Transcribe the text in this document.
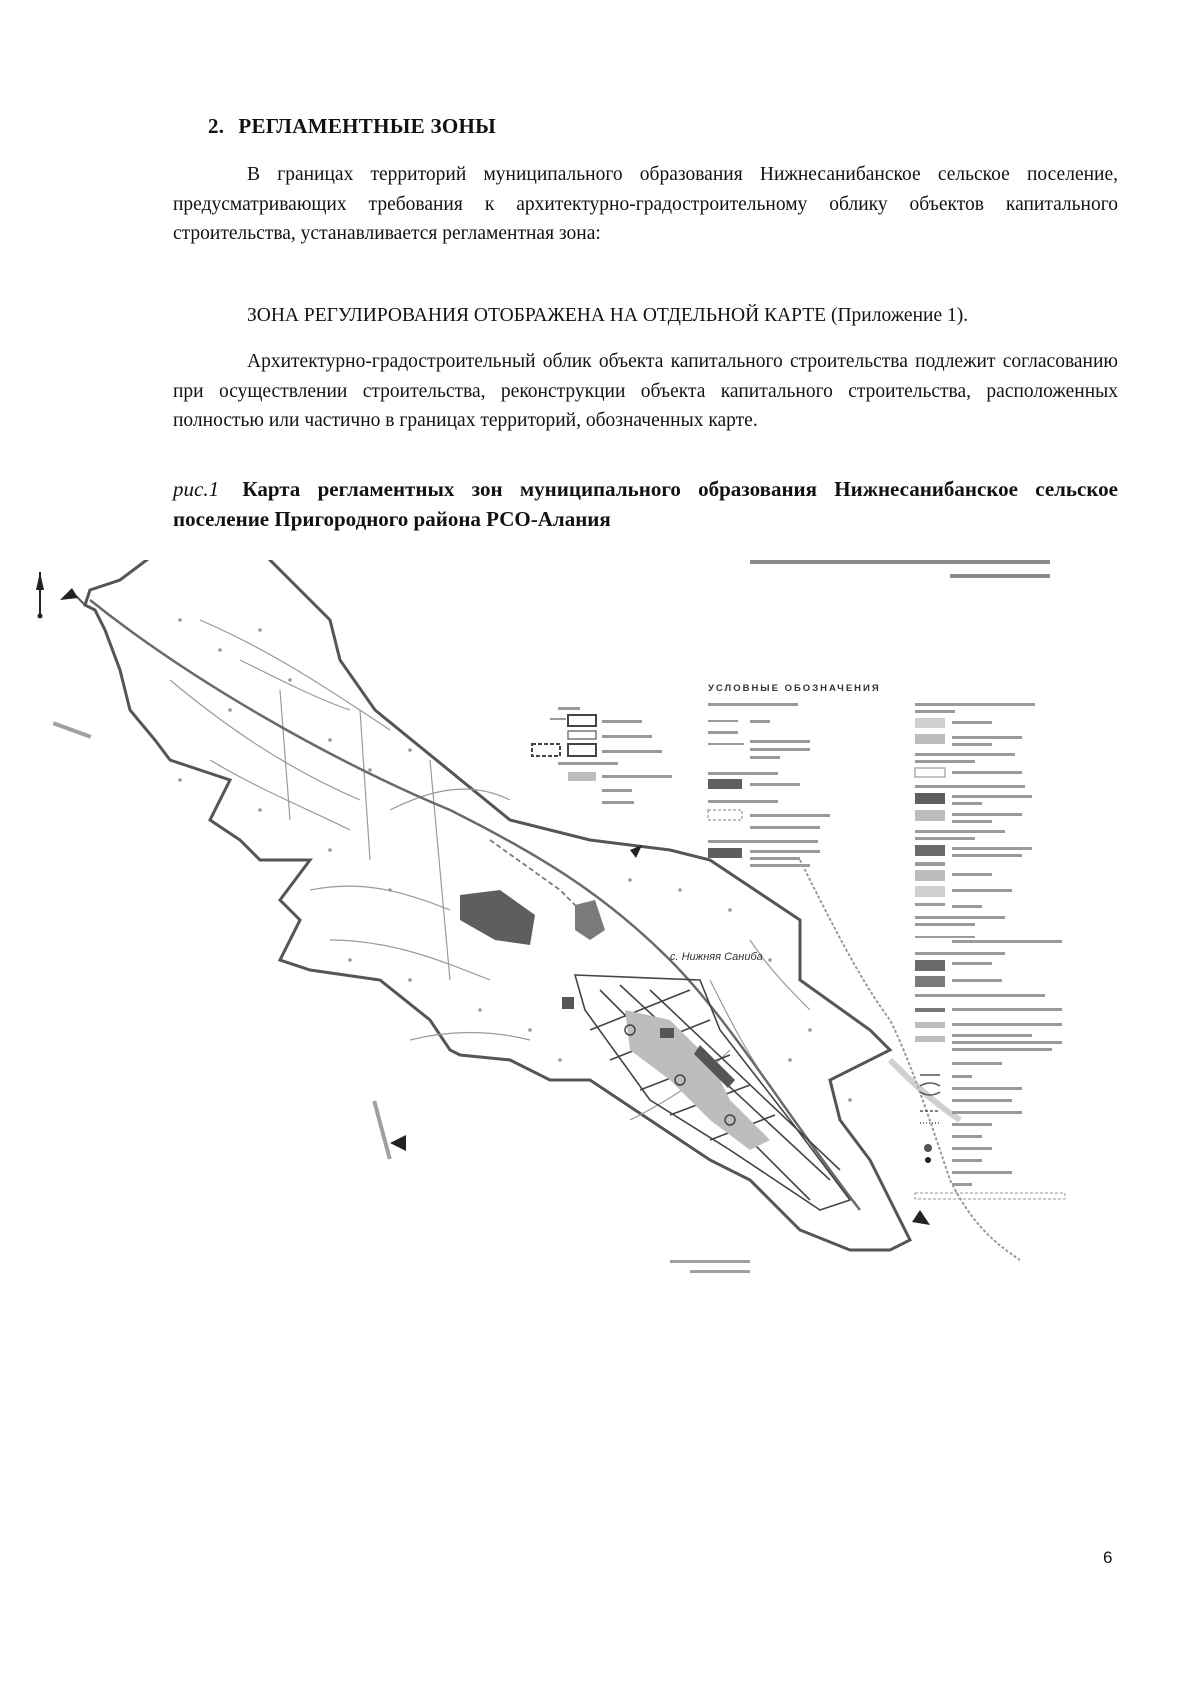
2. РЕГЛАМЕНТНЫЕ ЗОНЫ
В границах территорий муниципального образования Нижнесанибанское сельское поселение, предусматривающих требования к архитектурно-градостроительному облику объектов капитального строительства, устанавливается регламентная зона:
ЗОНА РЕГУЛИРОВАНИЯ ОТОБРАЖЕНА НА ОТДЕЛЬНОЙ КАРТЕ (Приложение 1).
Архитектурно-градостроительный облик объекта капитального строительства подлежит согласованию при осуществлении строительства, реконструкции объекта капитального строительства, расположенных полностью или частично в границах территорий, обозначенных карте.
рис.1 Карта регламентных зон муниципального образования Нижнесанибанское сельское поселение Пригородного района РСО-Алания
с. Нижняя Саниба
УСЛОВНЫЕ ОБОЗНАЧЕНИЯ
6
